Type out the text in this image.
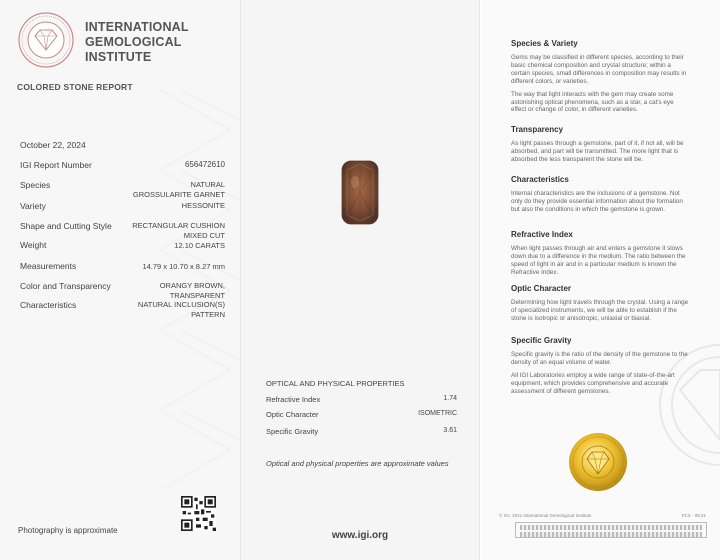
INTERNATIONAL
GEMOLOGICAL
INSTITUTE
COLORED STONE REPORT
October 22, 2024
IGI Report Number	656472610
Species	NATURAL GROSSULARITE GARNET
Variety	HESSONITE
Shape and Cutting Style	RECTANGULAR CUSHION MIXED CUT
Weight	12.10 CARATS
Measurements	14.79 x 10.70 x 8.27 mm
Color and Transparency	ORANGY BROWN, TRANSPARENT
Characteristics	NATURAL INCLUSION(S) PATTERN
Photography is approximate
OPTICAL AND PHYSICAL PROPERTIES
Refractive Index	1.74
Optic Character	ISOMETRIC
Specific Gravity	3.61
Optical and physical properties are approximate values
www.igi.org
Species & Variety

Gems may be classified in different species, according to their basic chemical composition and crystal structure; within a certain species, small differences in composition may results in different colors, or varieties.

The way that light interacts with the gem may create some astonishing optical phenomena, such as a star, a cat's eye effect or change of color, in different varieties.

Transparency

As light passes through a gemstone, part of it, if not all, will be absorbed, and part will be transmitted. The more light that is absorbed the less transparent the stone will be.

Characteristics

Internal characteristics are the inclusions of a gemstone. Not only do they provide essential information about the formation but also the conditions in which the gemstone is grown.

Refractive Index

When light passes through air and enters a gemstone it slows down due to a difference in the medium. The ratio between the speed of light in air and in a particular medium is known the Refractive Index.

Optic Character

Determining how light travels through the crystal. Using a range of specialized instruments, we will be able to establish if the stone is isotropic or anisotropic, uniaxial or biaxial.

Specific Gravity

Specific gravity is the ratio of the density of the gemstone to the density of an equal volume of water.

All IGI Laboratories employ a wide range of state-of-the-art equipment, which provides comprehensive and accurate assessment of different gemstones.

© IGI, 2021 International Gemological Institute	FCS - 08.21
